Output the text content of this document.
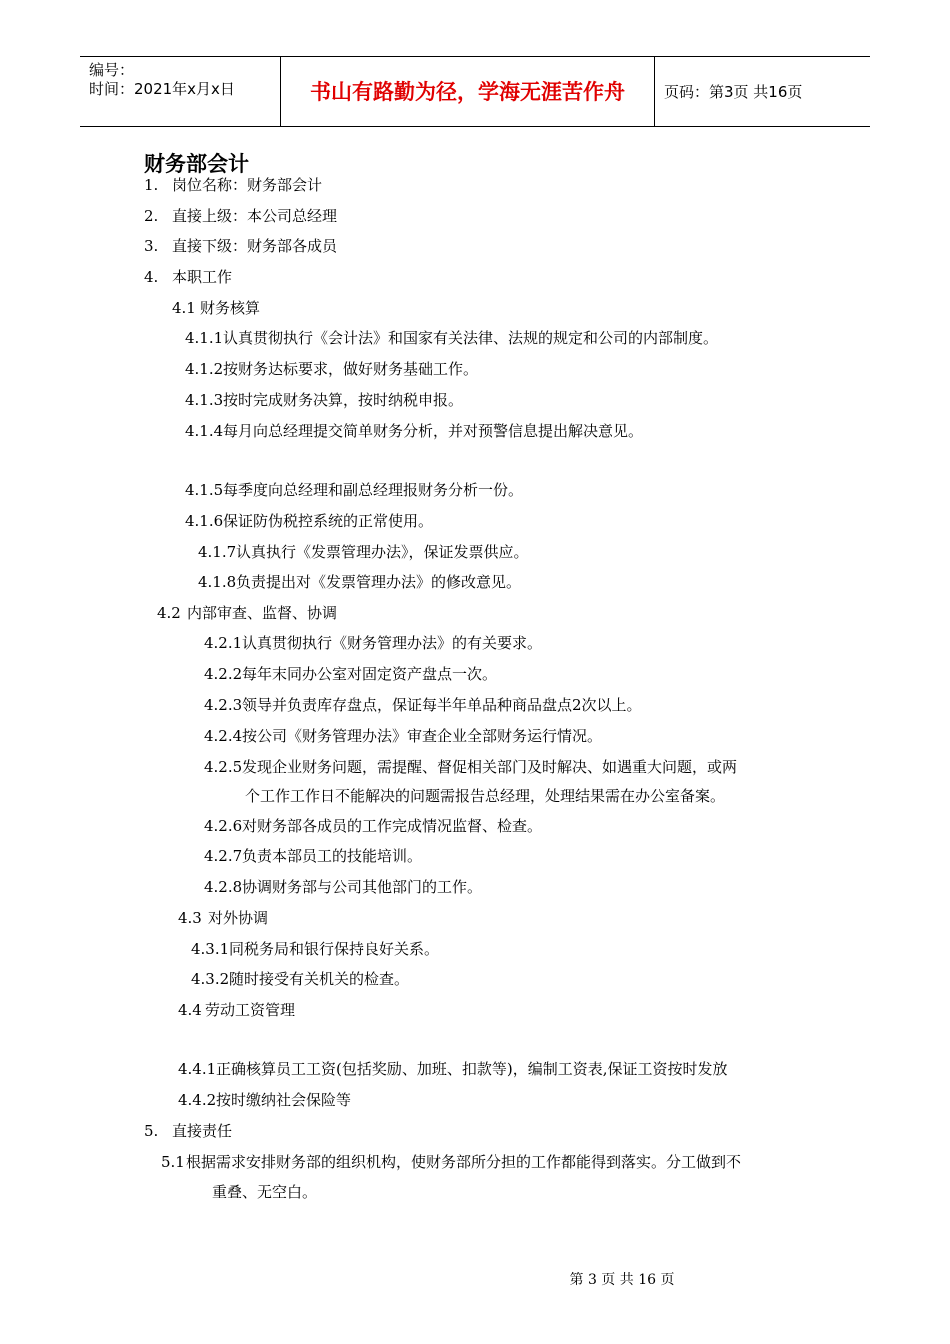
编号：
时间：2021年x月x日	书山有路勤为径，学海无涯苦作舟	页码：第3页 共16页
财务部会计
1. 岗位名称：财务部会计
2. 直接上级：本公司总经理
3. 直接下级：财务部各成员
4. 本职工作
4.1 财务核算
4.1.1认真贯彻执行《会计法》和国家有关法律、法规的规定和公司的内部制度。
4.1.2按财务达标要求，做好财务基础工作。
4.1.3按时完成财务决算，按时纳税申报。
4.1.4每月向总经理提交简单财务分析，并对预警信息提出解决意见。
4.1.5每季度向总经理和副总经理报财务分析一份。
4.1.6保证防伪税控系统的正常使用。
4.1.7认真执行《发票管理办法》，保证发票供应。
4.1.8负责提出对《发票管理办法》的修改意见。
4.2 内部审查、监督、协调
4.2.1认真贯彻执行《财务管理办法》的有关要求。
4.2.2每年末同办公室对固定资产盘点一次。
4.2.3领导并负责库存盘点，保证每半年单品种商品盘点2次以上。
4.2.4按公司《财务管理办法》审查企业全部财务运行情况。
4.2.5发现企业财务问题，需提醒、督促相关部门及时解决、如遇重大问题，或两
个工作工作日不能解决的问题需报告总经理，处理结果需在办公室备案。
4.2.6对财务部各成员的工作完成情况监督、检查。
4.2.7负责本部员工的技能培训。
4.2.8协调财务部与公司其他部门的工作。
4.3 对外协调
4.3.1同税务局和银行保持良好关系。
4.3.2随时接受有关机关的检查。
4.4 劳动工资管理
4.4.1正确核算员工工资(包括奖励、加班、扣款等)，编制工资表,保证工资按时发放
4.4.2按时缴纳社会保险等
5. 直接责任
5.1根据需求安排财务部的组织机构，使财务部所分担的工作都能得到落实。分工做到不
重叠、无空白。
第 3 页 共 16 页
